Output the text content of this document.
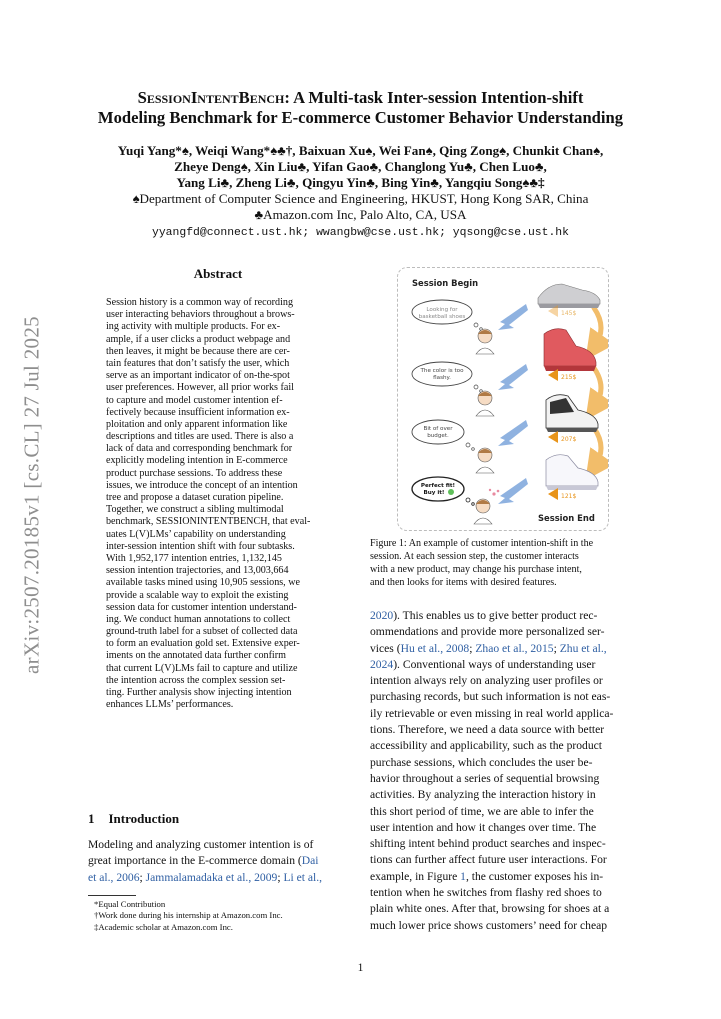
arXiv:2507.20185v1 [cs.CL] 27 Jul 2025
SessionIntentBench: A Multi-task Inter-session Intention-shift
Modeling Benchmark for E-commerce Customer Behavior Understanding
Yuqi Yang*♠, Weiqi Wang*♠♣†, Baixuan Xu♠, Wei Fan♠, Qing Zong♠, Chunkit Chan♠,
Zheye Deng♠, Xin Liu♣, Yifan Gao♣, Changlong Yu♣, Chen Luo♣,
Yang Li♣, Zheng Li♣, Qingyu Yin♣, Bing Yin♣, Yangqiu Song♠♣‡
♠Department of Computer Science and Engineering, HKUST, Hong Kong SAR, China
♣Amazon.com Inc, Palo Alto, CA, USA
yyangfd@connect.ust.hk; wwangbw@cse.ust.hk; yqsong@cse.ust.hk
Abstract
Session history is a common way of recording
user interacting behaviors throughout a brows-
ing activity with multiple products. For ex-
ample, if a user clicks a product webpage and
then leaves, it might be because there are cer-
tain features that don’t satisfy the user, which
serve as an important indicator of on-the-spot
user preferences. However, all prior works fail
to capture and model customer intention ef-
fectively because insufficient information ex-
ploitation and only apparent information like
descriptions and titles are used. There is also a
lack of data and corresponding benchmark for
explicitly modeling intention in E-commerce
product purchase sessions. To address these
issues, we introduce the concept of an intention
tree and propose a dataset curation pipeline.
Together, we construct a sibling multimodal
benchmark, SESSIONINTENTBENCH, that eval-
uates L(V)LMs’ capability on understanding
inter-session intention shift with four subtasks.
With 1,952,177 intention entries, 1,132,145
session intention trajectories, and 13,003,664
available tasks mined using 10,905 sessions, we
provide a scalable way to exploit the existing
session data for customer intention understand-
ing. We conduct human annotations to collect
ground-truth label for a subset of collected data
to form an evaluation gold set. Extensive exper-
iments on the annotated data further confirm
that current L(V)LMs fail to capture and utilize
the intention across the complex session set-
ting. Further analysis show injecting intention
enhances LLMs’ performances.
1 Introduction
Modeling and analyzing customer intention is of
great importance in the E-commerce domain (Dai
et al., 2006; Jammalamadaka et al., 2009; Li et al.,
*Equal Contribution
†Work done during his internship at Amazon.com Inc.
‡Academic scholar at Amazon.com Inc.
Session Begin
Session End
Looking for
basketball shoes
The color is too
flashy.
Bit of over
budget.
Perfect fit!
Buy it!
145$
215$
207$
121$
Figure 1: An example of customer intention-shift in the
session. At each session step, the customer interacts
with a new product, may change his purchase intent,
and then looks for items with desired features.
2020). This enables us to give better product rec-
ommendations and provide more personalized ser-
vices (Hu et al., 2008; Zhao et al., 2015; Zhu et al.,
2024). Conventional ways of understanding user
intention always rely on analyzing user profiles or
purchasing records, but such information is not eas-
ily retrievable or even missing in real world applica-
tions. Therefore, we need a data source with better
accessibility and applicability, such as the product
purchase sessions, which concludes the user be-
havior throughout a series of sequential browsing
activities. By analyzing the interaction history in
this short period of time, we are able to infer the
user intention and how it changes over time. The
shifting intent behind product searches and inspec-
tions can further affect future user interactions. For
example, in Figure 1, the customer exposes his in-
tention when he switches from flashy red shoes to
plain white ones. After that, browsing for shoes at a
much lower price shows customers’ need for cheap
1
